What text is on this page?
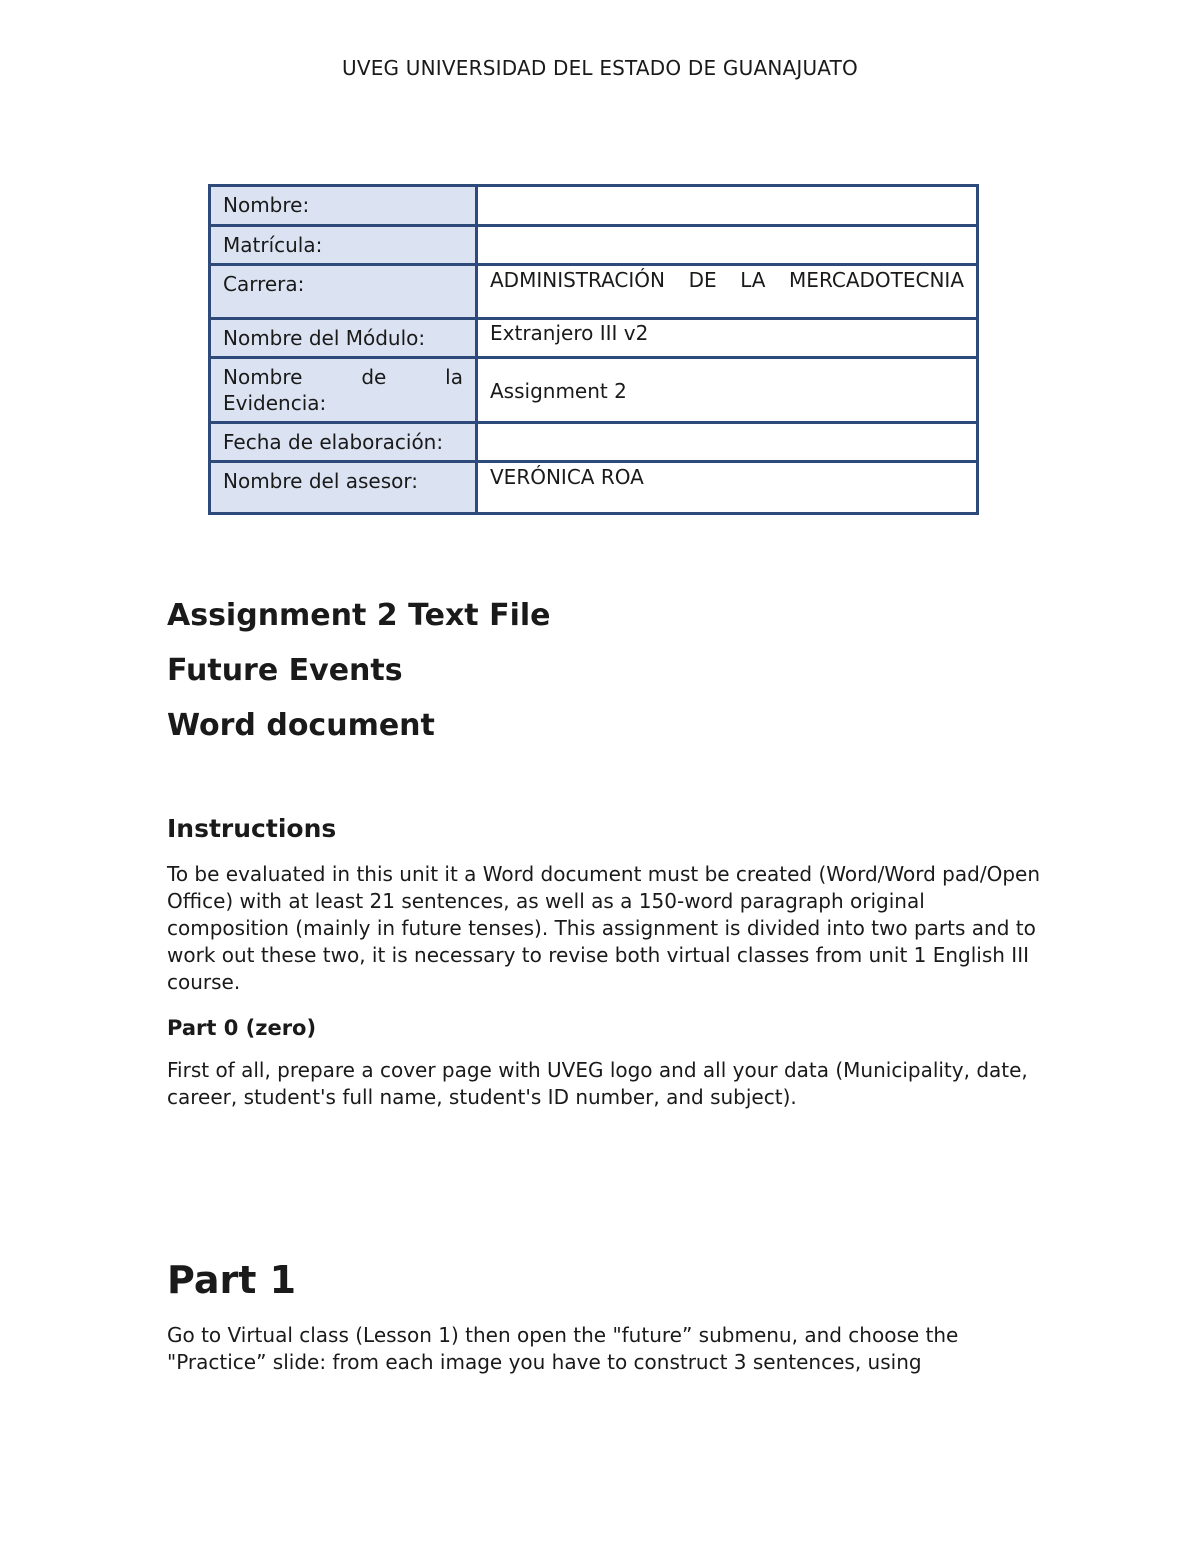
UVEG UNIVERSIDAD DEL ESTADO DE GUANAJUATO
Nombre:	
Matrícula:	
Carrera:	ADMINISTRACIÓN DE LA MERCADOTECNIA
Nombre del Módulo:	Extranjero III v2
Nombre de la Evidencia:	Assignment 2
Fecha de elaboración:	
Nombre del asesor:	VERÓNICA ROA

Assignment 2 Text File

Future Events

Word document

Instructions

To be evaluated in this unit it a Word document must be created (Word/Word pad/Open Office) with at least 21 sentences, as well as a 150-word paragraph original composition (mainly in future tenses). This assignment is divided into two parts and to work out these two, it is necessary to revise both virtual classes from unit 1 English III course.

Part 0 (zero)

First of all, prepare a cover page with UVEG logo and all your data (Municipality, date, career, student's full name, student's ID number, and subject).

Part 1

Go to Virtual class (Lesson 1) then open the "future” submenu, and choose the "Practice” slide: from each image you have to construct 3 sentences, using
